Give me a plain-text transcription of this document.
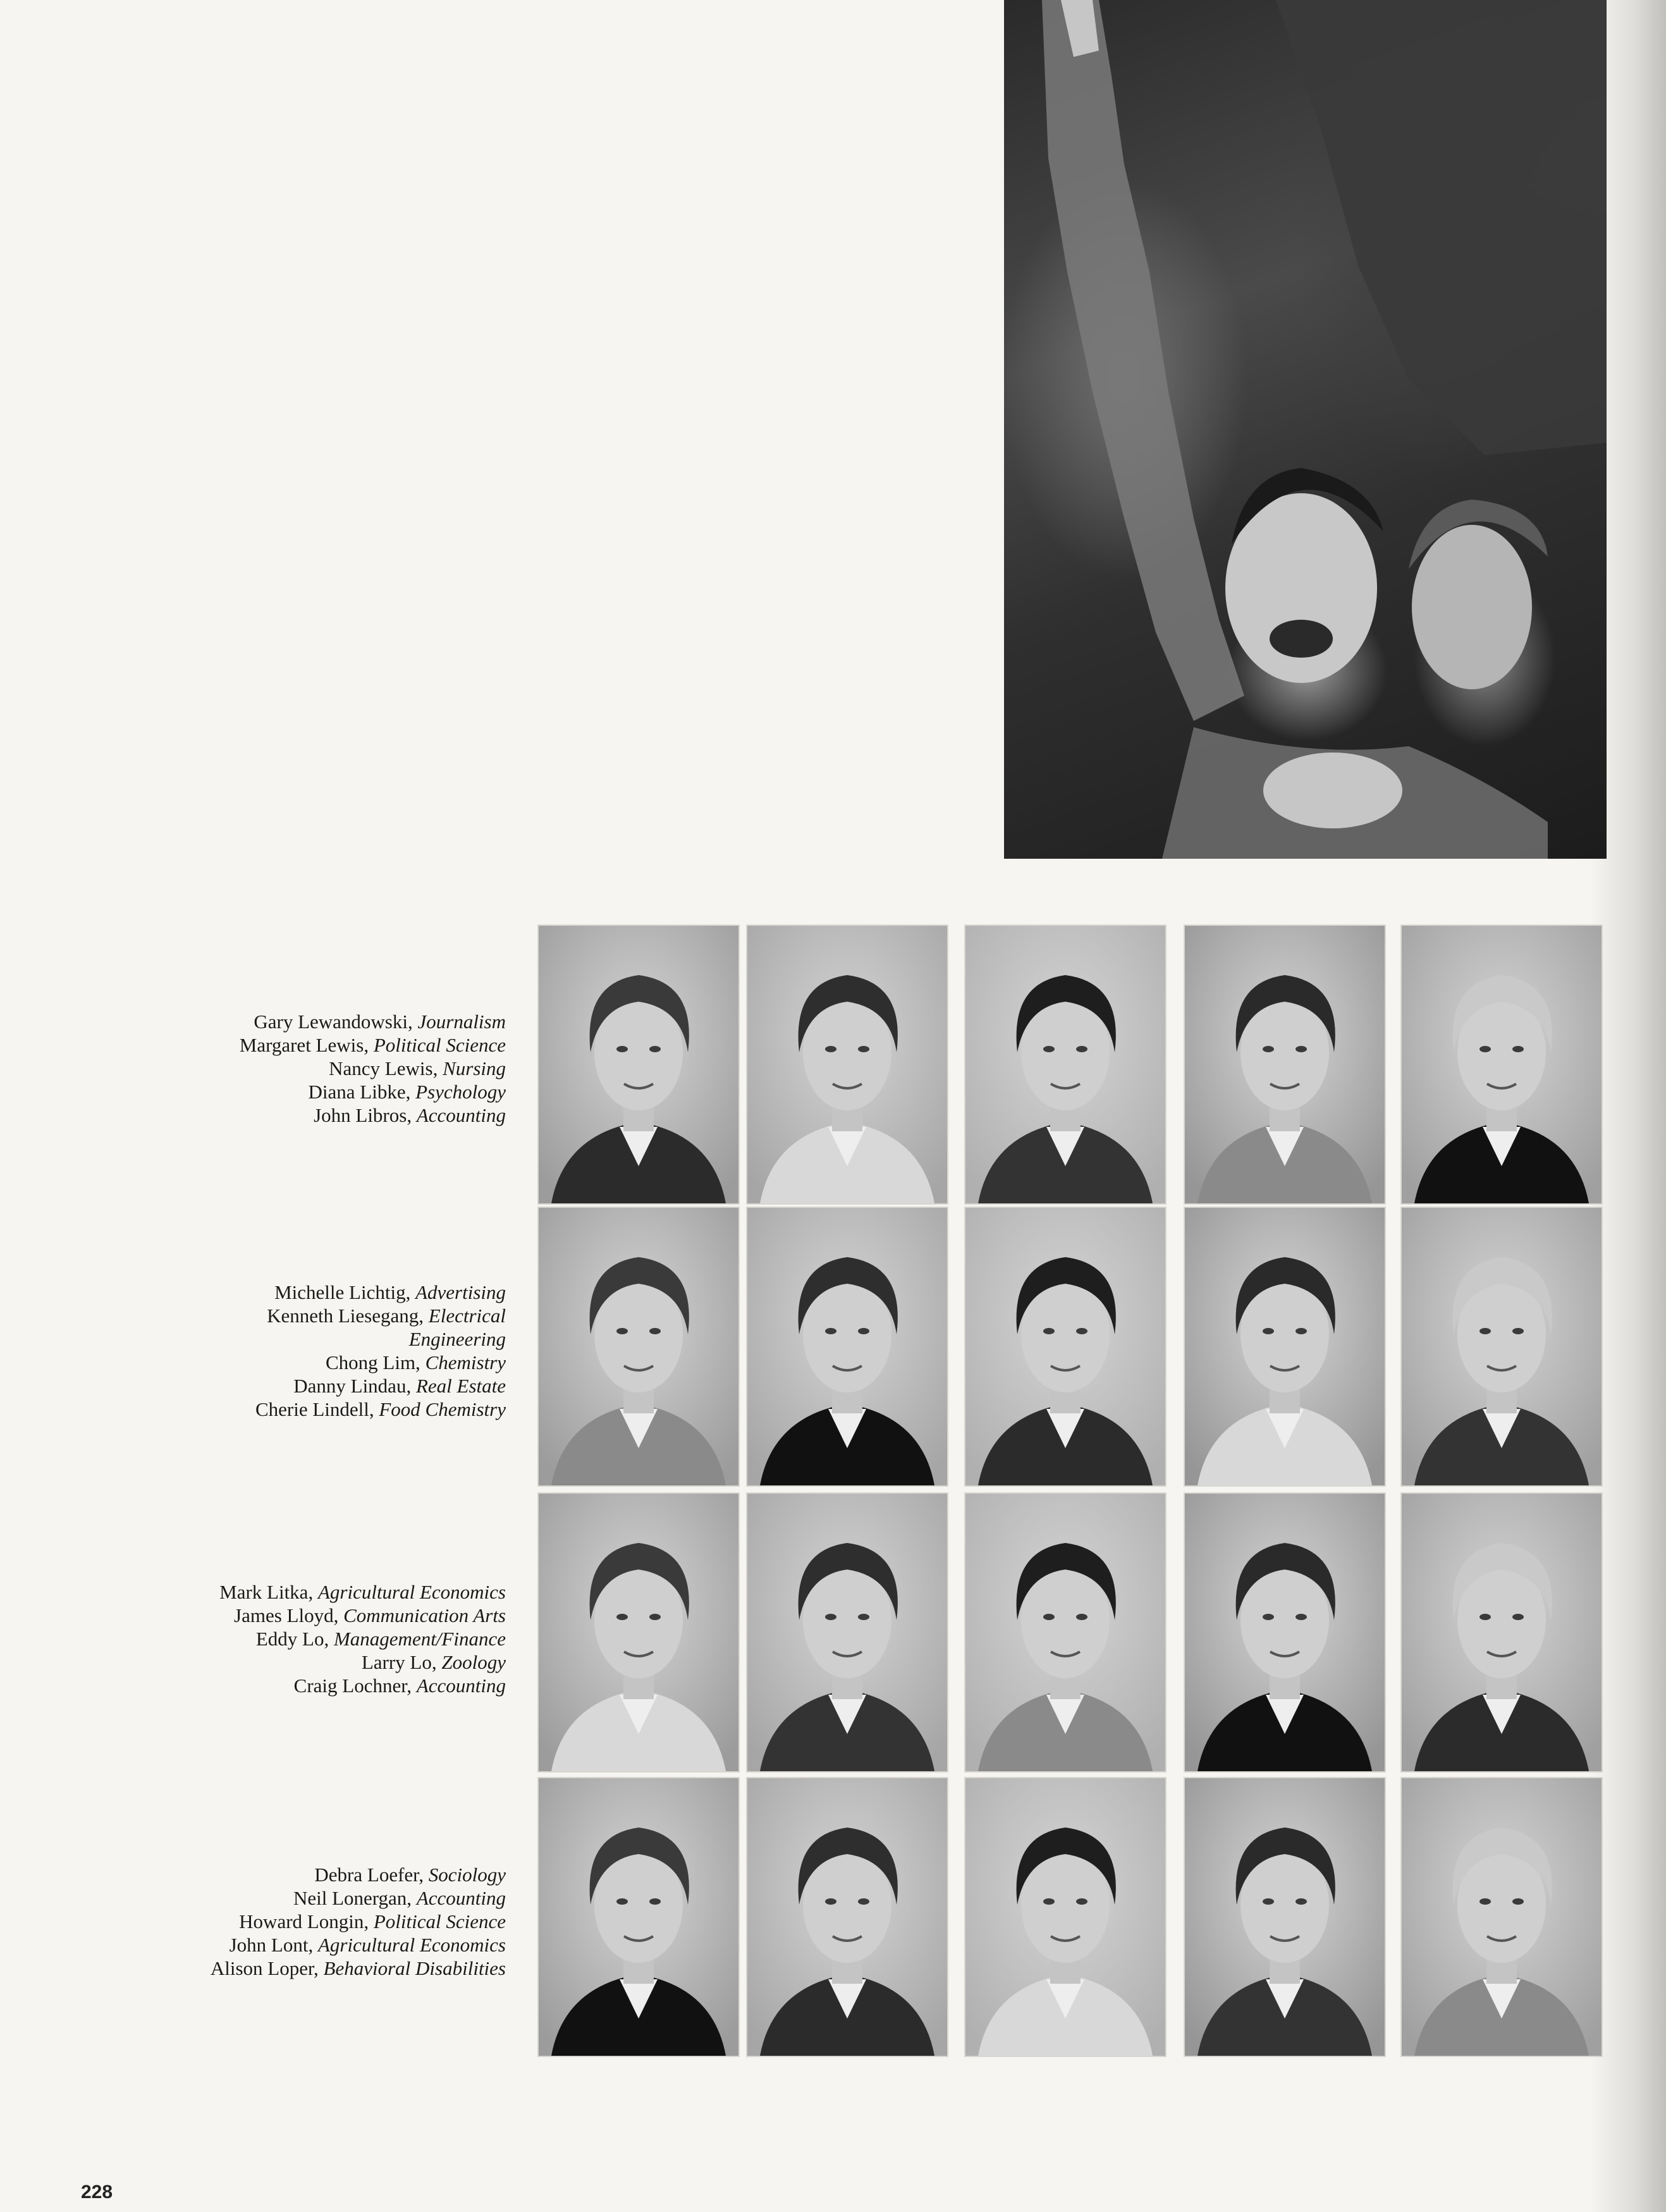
Gary Lewandowski, Journalism
Margaret Lewis, Political Science
Nancy Lewis, Nursing
Diana Libke, Psychology
John Libros, Accounting
Michelle Lichtig, Advertising
Kenneth Liesegang, Electrical
Engineering
Chong Lim, Chemistry
Danny Lindau, Real Estate
Cherie Lindell, Food Chemistry
Mark Litka, Agricultural Economics
James Lloyd, Communication Arts
Eddy Lo, Management/Finance
Larry Lo, Zoology
Craig Lochner, Accounting
Debra Loefer, Sociology
Neil Lonergan, Accounting
Howard Longin, Political Science
John Lont, Agricultural Economics
Alison Loper, Behavioral Disabilities
228
